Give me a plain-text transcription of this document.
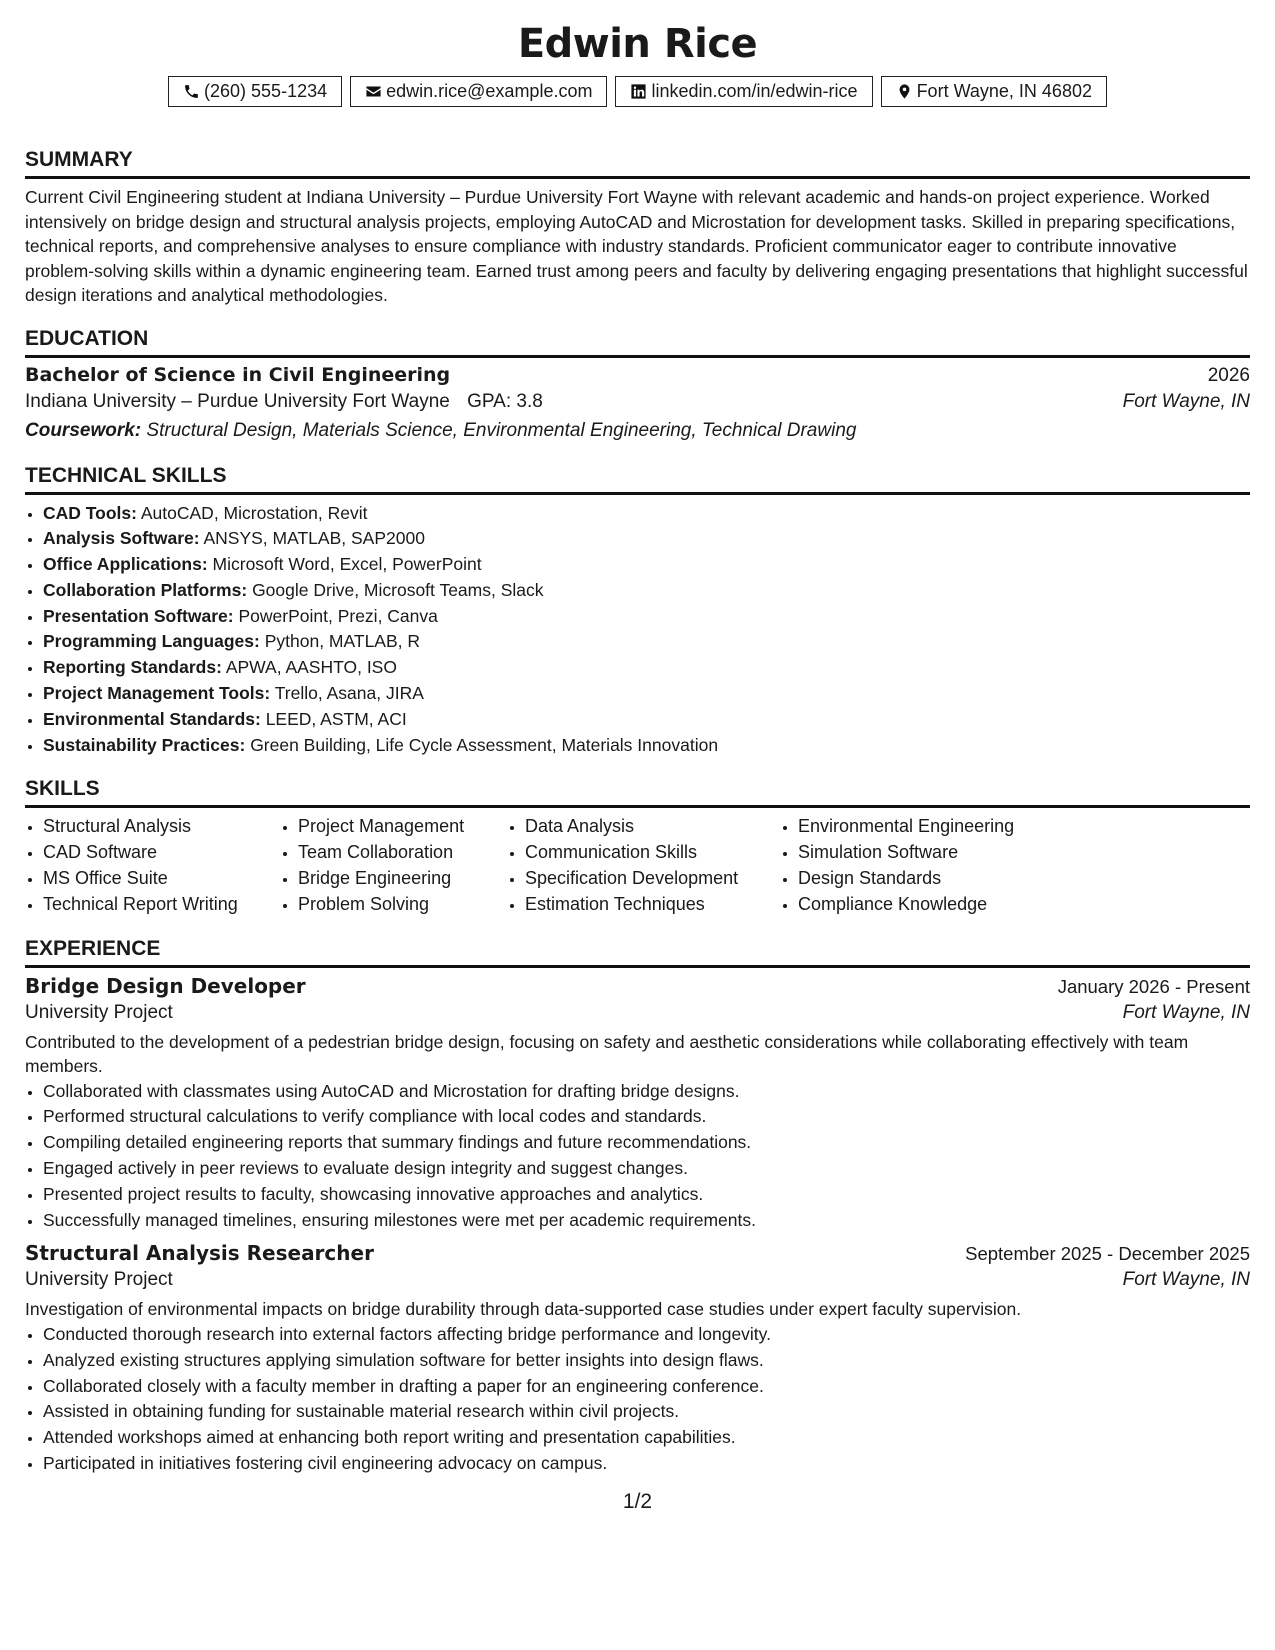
Edwin Rice
(260) 555-1234	edwin.rice@example.com	linkedin.com/in/edwin-rice	Fort Wayne, IN 46802
SUMMARY

Current Civil Engineering student at Indiana University – Purdue University Fort Wayne with relevant academic and hands-on project experience. Worked intensively on bridge design and structural analysis projects, employing AutoCAD and Microstation for development tasks. Skilled in preparing specifications, technical reports, and comprehensive analyses to ensure compliance with industry standards. Proficient communicator eager to contribute innovative problem-solving skills within a dynamic engineering team. Earned trust among peers and faculty by delivering engaging presentations that highlight successful design iterations and analytical methodologies.

EDUCATION
Bachelor of Science in Civil Engineering	2026
Indiana University – Purdue University Fort Wayne GPA: 3.8	Fort Wayne, IN
Coursework: Structural Design, Materials Science, Environmental Engineering, Technical Drawing
TECHNICAL SKILLS
• CAD Tools: AutoCAD, Microstation, Revit
• Analysis Software: ANSYS, MATLAB, SAP2000
• Office Applications: Microsoft Word, Excel, PowerPoint
• Collaboration Platforms: Google Drive, Microsoft Teams, Slack
• Presentation Software: PowerPoint, Prezi, Canva
• Programming Languages: Python, MATLAB, R
• Reporting Standards: APWA, AASHTO, ISO
• Project Management Tools: Trello, Asana, JIRA
• Environmental Standards: LEED, ASTM, ACI
• Sustainability Practices: Green Building, Life Cycle Assessment, Materials Innovation
SKILLS
• Structural Analysis
• CAD Software
• MS Office Suite
• Technical Report Writing
• Project Management
• Team Collaboration
• Bridge Engineering
• Problem Solving
• Data Analysis
• Communication Skills
• Specification Development
• Estimation Techniques
• Environmental Engineering
• Simulation Software
• Design Standards
• Compliance Knowledge
EXPERIENCE
Bridge Design Developer	January 2026 - Present
University Project	Fort Wayne, IN

Contributed to the development of a pedestrian bridge design, focusing on safety and aesthetic considerations while collaborating effectively with team members.

• Collaborated with classmates using AutoCAD and Microstation for drafting bridge designs.
• Performed structural calculations to verify compliance with local codes and standards.
• Compiling detailed engineering reports that summary findings and future recommendations.
• Engaged actively in peer reviews to evaluate design integrity and suggest changes.
• Presented project results to faculty, showcasing innovative approaches and analytics.
• Successfully managed timelines, ensuring milestones were met per academic requirements.
Structural Analysis Researcher	September 2025 - December 2025
University Project	Fort Wayne, IN

Investigation of environmental impacts on bridge durability through data-supported case studies under expert faculty supervision.

• Conducted thorough research into external factors affecting bridge performance and longevity.
• Analyzed existing structures applying simulation software for better insights into design flaws.
• Collaborated closely with a faculty member in drafting a paper for an engineering conference.
• Assisted in obtaining funding for sustainable material research within civil projects.
• Attended workshops aimed at enhancing both report writing and presentation capabilities.
• Participated in initiatives fostering civil engineering advocacy on campus.
1/2
